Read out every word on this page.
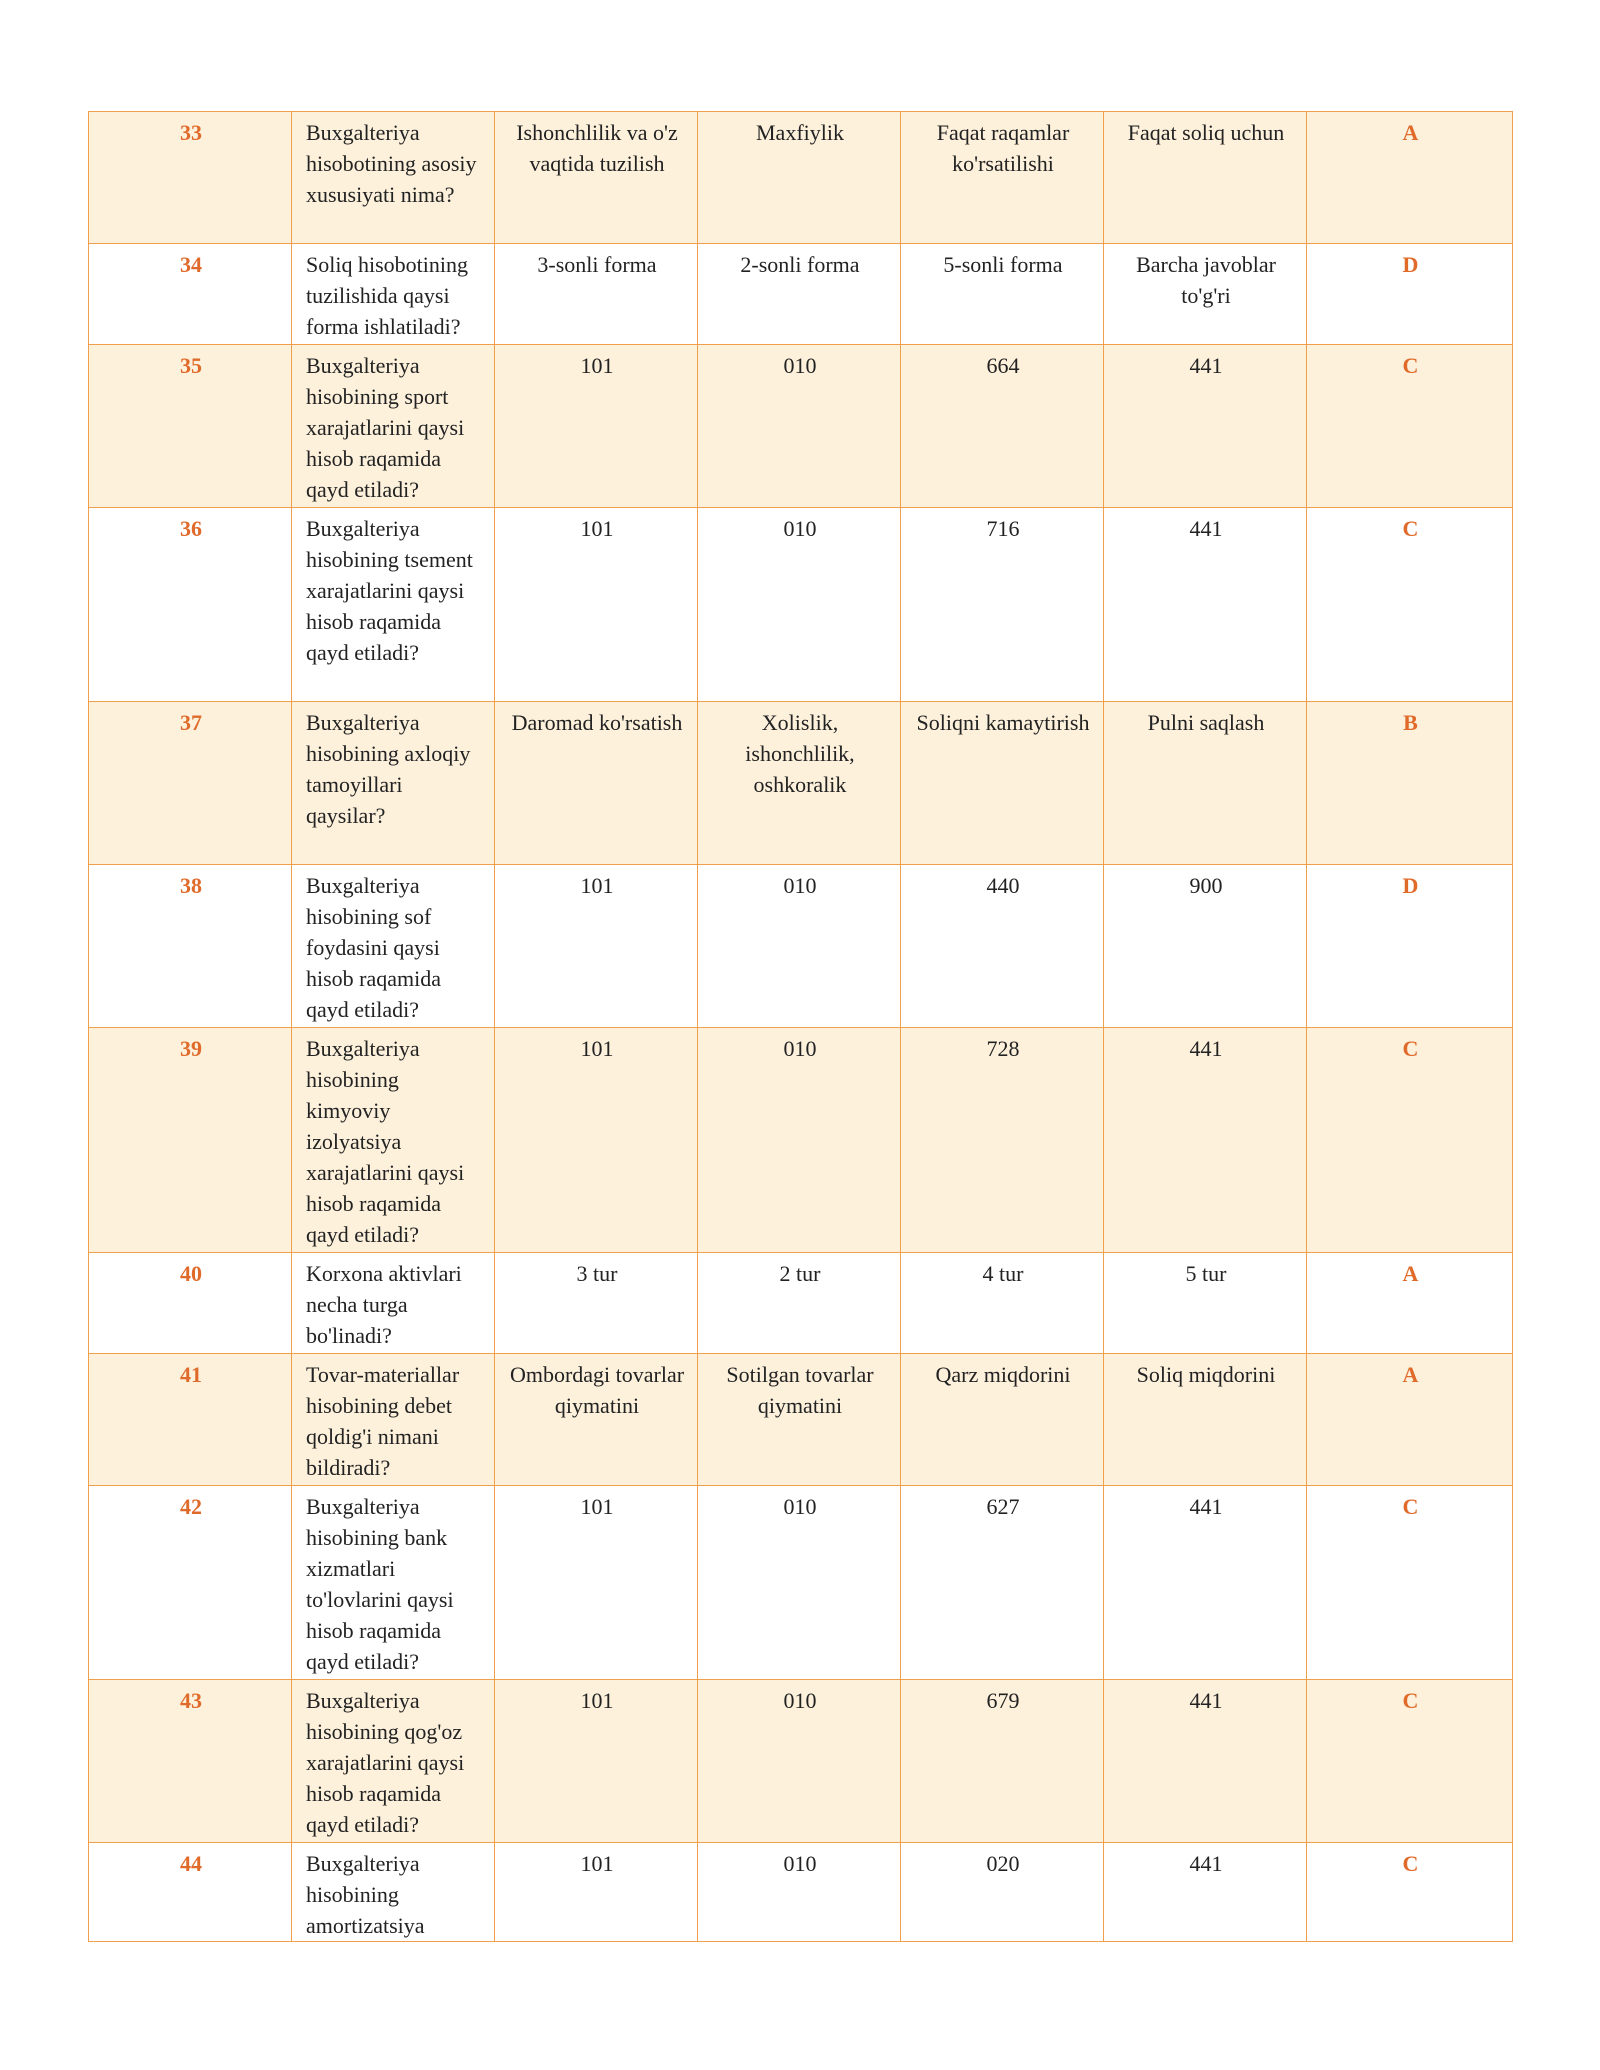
33	Buxgalteriya hisobotining asosiy xususiyati nima?	Ishonchlilik va o'z vaqtida tuzilish	Maxfiylik	Faqat raqamlar ko'rsatilishi	Faqat soliq uchun	A
34	Soliq hisobotining tuzilishida qaysi forma ishlatiladi?	3-sonli forma	2-sonli forma	5-sonli forma	Barcha javoblar to'g'ri	D
35	Buxgalteriya hisobining sport xarajatlarini qaysi hisob raqamida qayd etiladi?	101	010	664	441	C
36	Buxgalteriya hisobining tsement xarajatlarini qaysi hisob raqamida qayd etiladi?	101	010	716	441	C
37	Buxgalteriya hisobining axloqiy tamoyillari qaysilar?	Daromad ko'rsatish	Xolislik, ishonchlilik, oshkoralik	Soliqni kamaytirish	Pulni saqlash	B
38	Buxgalteriya hisobining sof foydasini qaysi hisob raqamida qayd etiladi?	101	010	440	900	D
39	Buxgalteriya hisobining kimyoviy izolyatsiya xarajatlarini qaysi hisob raqamida qayd etiladi?	101	010	728	441	C
40	Korxona aktivlari necha turga bo'linadi?	3 tur	2 tur	4 tur	5 tur	A
41	Tovar-materiallar hisobining debet qoldig'i nimani bildiradi?	Ombordagi tovarlar qiymatini	Sotilgan tovarlar qiymatini	Qarz miqdorini	Soliq miqdorini	A
42	Buxgalteriya hisobining bank xizmatlari to'lovlarini qaysi hisob raqamida qayd etiladi?	101	010	627	441	C
43	Buxgalteriya hisobining qog'oz xarajatlarini qaysi hisob raqamida qayd etiladi?	101	010	679	441	C
44	Buxgalteriya hisobining amortizatsiya	101	010	020	441	C
